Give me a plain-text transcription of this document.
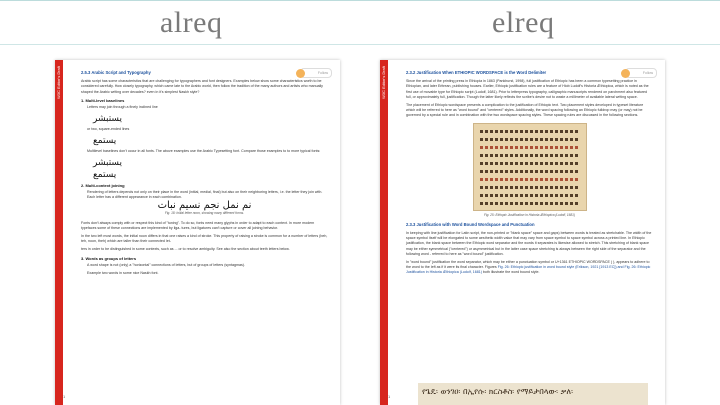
alreq	elreq
W3C Editor's Draft	Follow
2.5.3 Arabic Script and Typography
Arabic script has some characteristics that are challenging for typographers and font designers. Examples below show some characteristics worth to be considered carefully. How closely typography, which came late to the Arabic world, then follow the tradition of the many authors and artists who manually shaped the Arabic writing over decades? even in it's simplest Naskh style?
1. Multi-level baselines
Letters may join through a finely inclined line
يستبشر
or two, square-ended lines
يستمع
Multilevel baselines don't occur in all fonts. The above examples use the Arabic Typesetting font. Compare those examples to to more typical fonts:
يستبشر
يستمع
2. Multi-context joining
Rendering of letters depends not only on their place in the word (initial, medial, final) but also on their neighboring letters, i.e. the letter they join with. Each letter has a different appearance in each combination.
نم نمل نجم نسيم نبات
Fig. 18: Initial letter noon, showing many different forms.
Fonts don't always comply with or respect this kind of "tuning". To do so, fonts need many glyphs in order to adapt to each context. In more modern typefaces some of these connections are implemented by liga- tures, but ligatures can't capture or cover all joining behavior.
In the two left most words, the initial noon differs in that one raises a kind of stroke. This property of raising a stroke is common for a number of letters (beh, teh, noon, theh) which are taller than their connected let-
ters in order to be distinguished in some contexts, such as ... or to resolve ambiguity. See also the section about teeth letters below.
3. Words as groups of letters
A word shape is not (only) a "horizontal" connections of letters, but of groups of letters (syntagmas).
Example two words in some nice Naskh font.
1
W3C Editor's Draft	Follow
2.3.2 Justification When ETHIOPIC WORDSPACE is the Word Delimiter
Since the arrival of the printing press in Ethiopia in 1863 (Pankhurst, 1998), full justification of Ethiopic has been a common typesetting practice in Ethiopian, and later Eritrean, publishing houses. Earlier, Ethiopic justification rules are a feature of Hiob Ludolf's Historia Æthiopica, which is noted as the first use of movable type for Ethiopic script (Ludolf, 1681). Prior to letterpress typography, calligraphic manuscripts rendered on parchment also featured full, or approximately full, justification. Though the latter likely reflects the scribe's desire not to waste a millimeter of available lateral writing space.
The placement of Ethiopic wordspace presents a complication to the justification of Ethiopic text. Two placement styles developed in typeset literature which will be referred to here as "word bound" and "centered" styles. Additionally, the word spacing following an Ethiopic fulldrop may (or may) not be governed by a special rule and in combination with the two wordspace spacing styles. These spacing rules are discussed in the following sections.
Fig. 25: Ethiopic Justification in Historia Æthiopica (Ludolf, 1681)
2.3.3 Justification with Word Bound Wordspace and Punctuation
In keeping with line justification for Latin script, the non-printed or "blank space" space and gaps) between words is treated as stretchable. The width of the space symbol itself will be elongated to some aesthetic width value that may vary from space symbol to space symbol across a printed line. In Ethiopic justification, the blank space between the Ethiopic word separator and the words it separates is likewise allowed to stretch. This stretching of blank space may be either symmetrical ("centered") or asymmetrical but in the latter case space stretching is always between the right side of the separator and the following word - referred to here as "word bound" justification.
In "word bound" justification the word separator, which may be either a punctuation symbol or U+1361 ETHIOPIC WORDSPACE ( ), appears to adhere to the word to the left as if it were its final character. Figures Fig. 26: Ethiopic justification in word bound style (Erikson, 1921 [1913 EC]) and Fig. 26: Ethiopic Justification in Historia Æthiopica (Ludolf, 1681) both illustrate the word bound style.
የጌዴ፡ ወንገዐ፡ በኢየሱ፡ ክርስቶስ፡ የማይታበላው፡ ቃለ፡
1
